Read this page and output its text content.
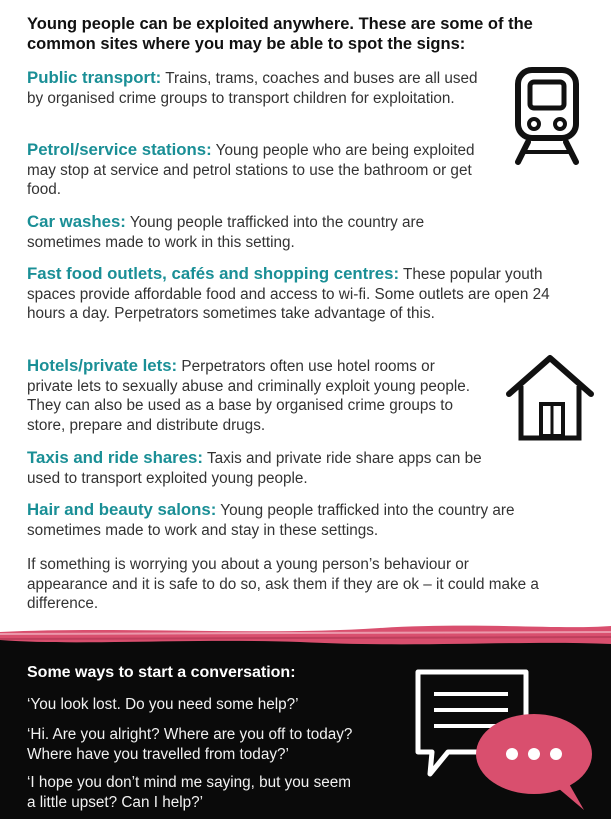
Young people can be exploited anywhere. These are some of the common sites where you may be able to spot the signs:
Public transport: Trains, trams, coaches and buses are all used by organised crime groups to transport children for exploitation.
Petrol/service stations: Young people who are being exploited may stop at service and petrol stations to use the bathroom or get food.
Car washes: Young people trafficked into the country are sometimes made to work in this setting.
Fast food outlets, cafés and shopping centres: These popular youth spaces provide affordable food and access to wi-fi. Some outlets are open 24 hours a day. Perpetrators sometimes take advantage of this.
Hotels/private lets: Perpetrators often use hotel rooms or private lets to sexually abuse and criminally exploit young people. They can also be used as a base by organised crime groups to store, prepare and distribute drugs.
Taxis and ride shares: Taxis and private ride share apps can be used to transport exploited young people.
Hair and beauty salons: Young people trafficked into the country are sometimes made to work and stay in these settings.
If something is worrying you about a young person’s behaviour or appearance and it is safe to do so, ask them if they are ok – it could make a difference.
Some ways to start a conversation:
‘You look lost. Do you need some help?’
‘Hi. Are you alright? Where are you off to today? Where have you travelled from today?’
‘I hope you don’t mind me saying, but you seem a little upset? Can I help?’
